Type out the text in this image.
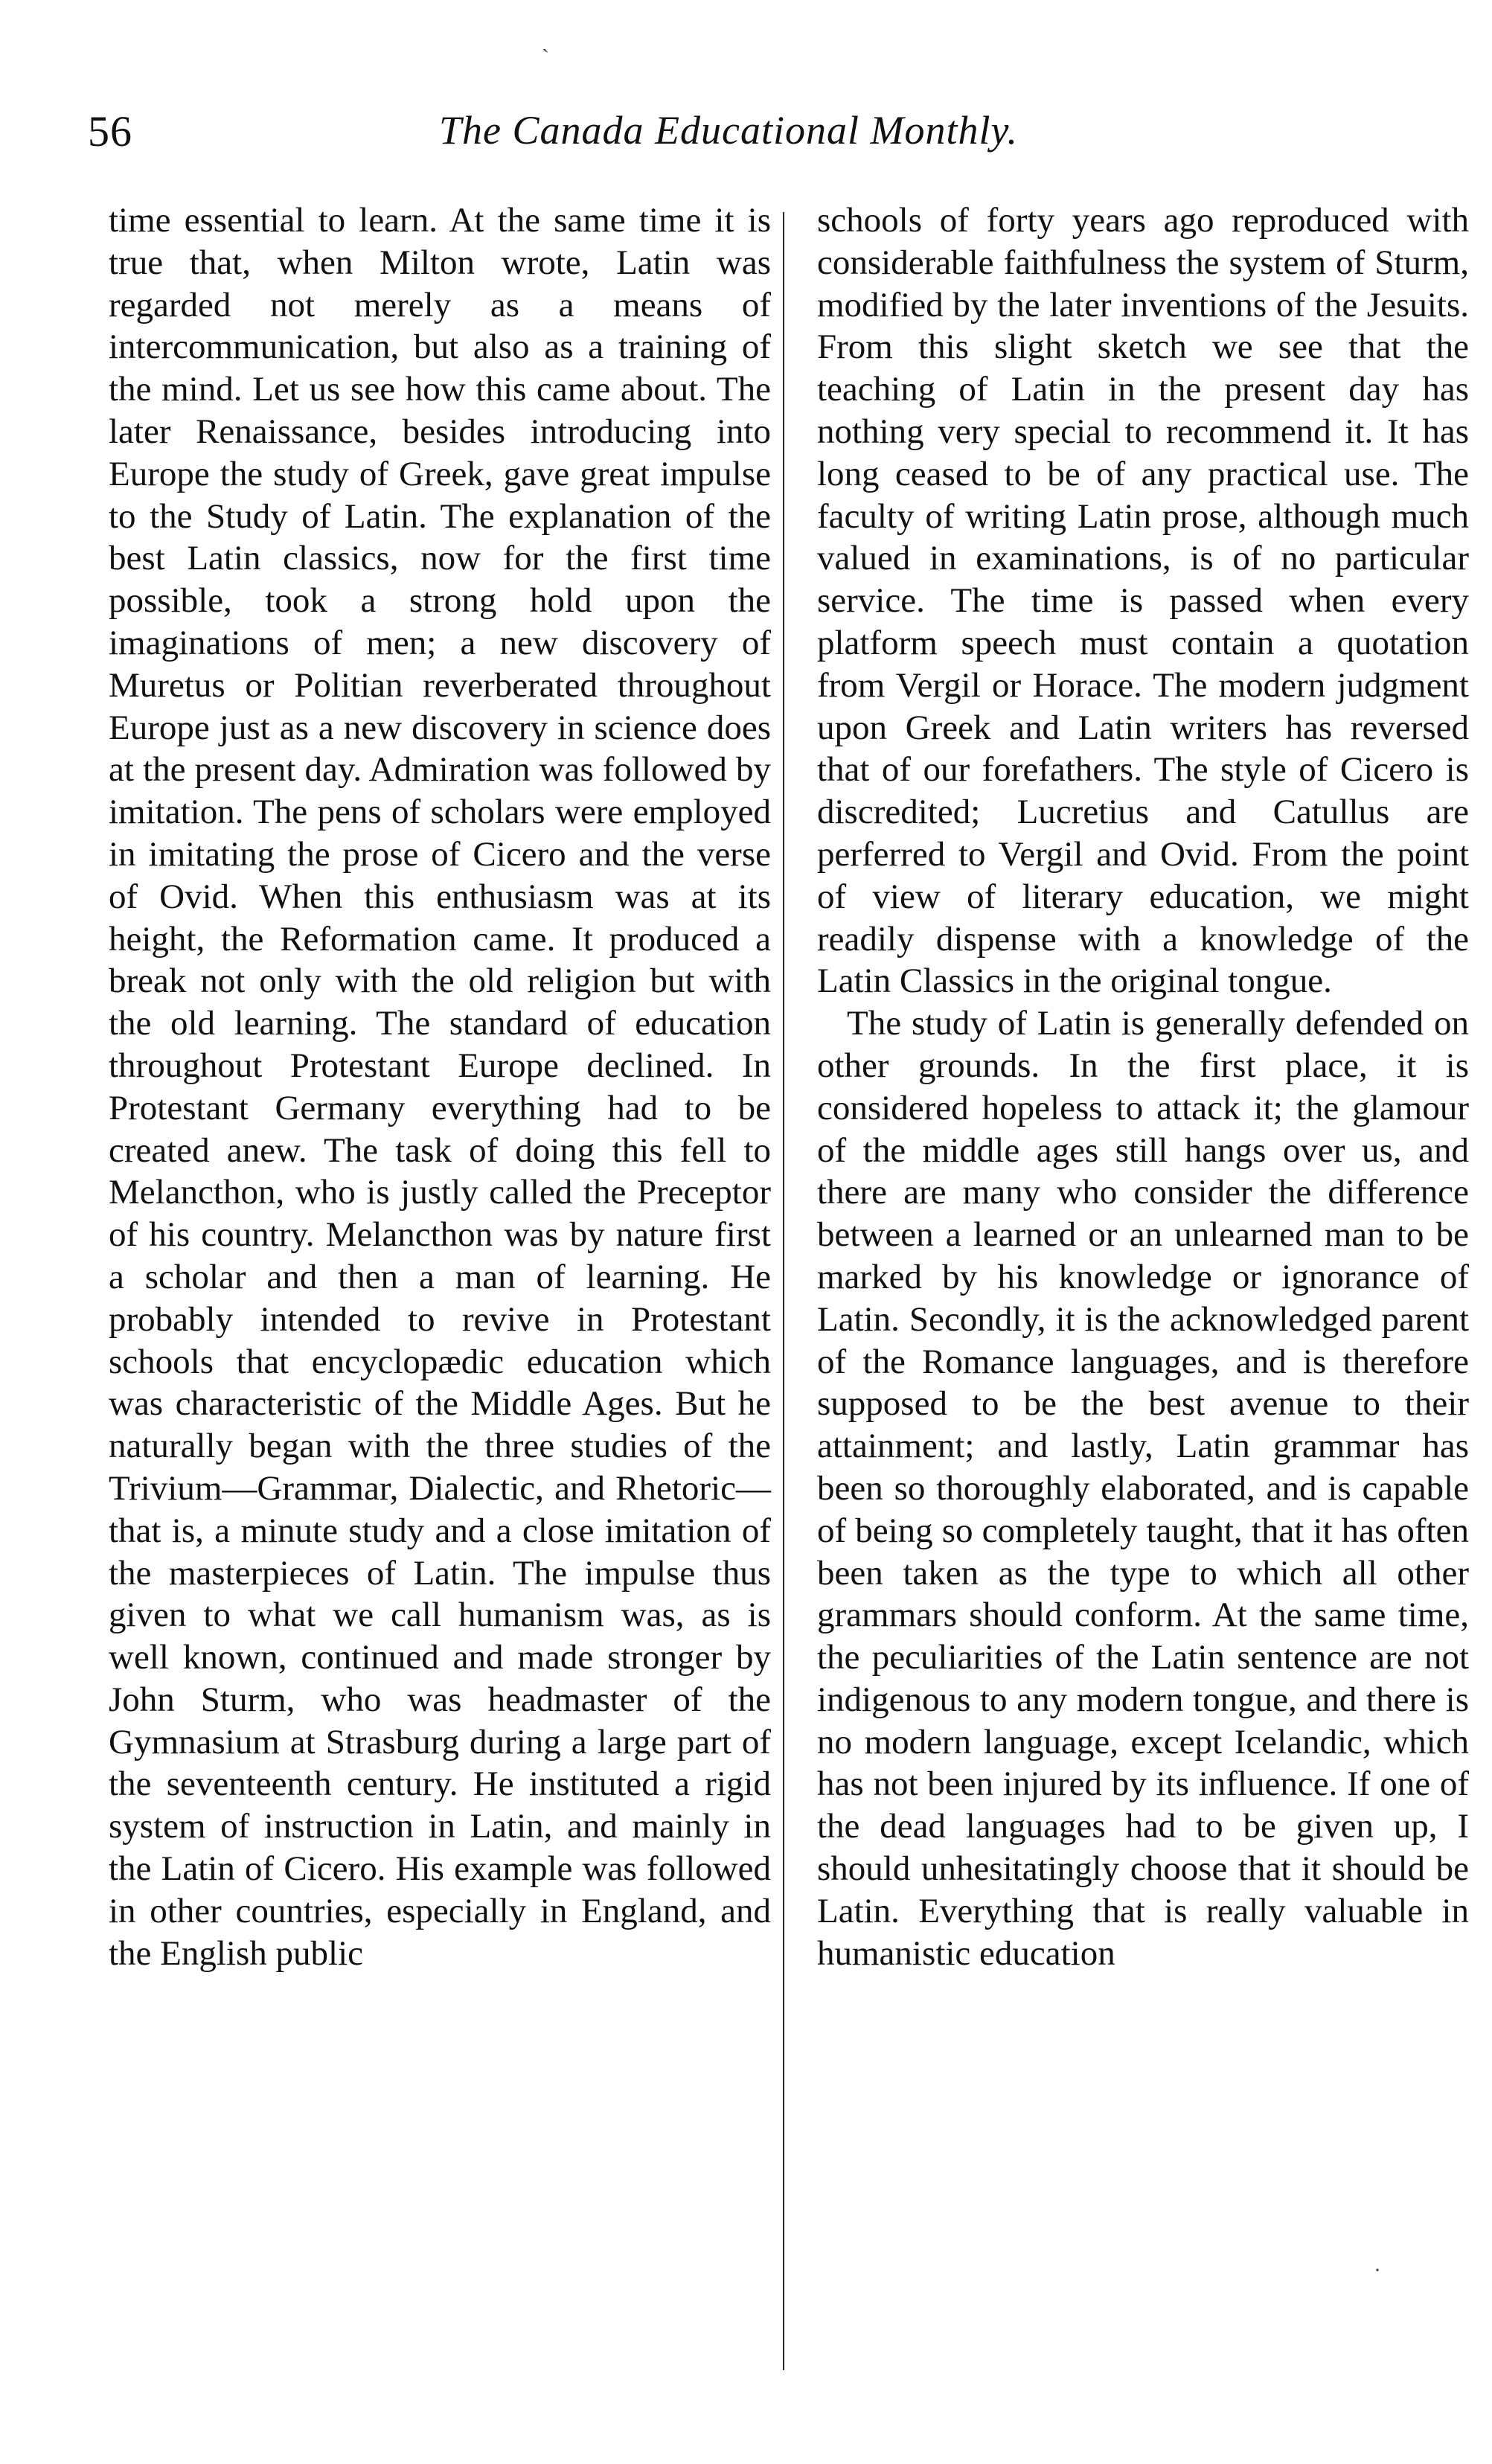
ˎ
56	The Canada Educational Monthly.

time essential to learn. At the same time it is true that, when Milton wrote, Latin was regarded not merely as a means of intercommunication, but also as a training of the mind. Let us see how this came about. The later Renaissance, besides introducing into Europe the study of Greek, gave great impulse to the Study of Latin. The explanation of the best Latin classics, now for the first time possible, took a strong hold upon the imaginations of men; a new discovery of Muretus or Politian reverberated throughout Europe just as a new discovery in science does at the present day. Admiration was followed by imitation. The pens of scholars were employed in imitating the prose of Cicero and the verse of Ovid. When this enthusiasm was at its height, the Reformation came. It produced a break not only with the old religion but with the old learning. The standard of education throughout Protestant Europe declined. In Protestant Germany everything had to be created anew. The task of doing this fell to Melancthon, who is justly called the Preceptor of his country. Melancthon was by nature first a scholar and then a man of learning. He probably intended to revive in Protestant schools that encyclopædic education which was characteristic of the Middle Ages. But he naturally began with the three studies of the Trivium—Grammar, Dialectic, and Rhetoric—that is, a minute study and a close imitation of the masterpieces of Latin. The impulse thus given to what we call humanism was, as is well known, continued and made stronger by John Sturm, who was headmaster of the Gymnasium at Strasburg during a large part of the seventeenth century. He instituted a rigid system of instruction in Latin, and mainly in the Latin of Cicero. His example was followed in other countries, especially in England, and the English public

schools of forty years ago reproduced with considerable faithfulness the system of Sturm, modified by the later inventions of the Jesuits. From this slight sketch we see that the teaching of Latin in the present day has nothing very special to recommend it. It has long ceased to be of any practical use. The faculty of writing Latin prose, although much valued in examinations, is of no particular service. The time is passed when every platform speech must contain a quotation from Vergil or Horace. The modern judgment upon Greek and Latin writers has reversed that of our forefathers. The style of Cicero is discredited; Lucretius and Catullus are perferred to Vergil and Ovid. From the point of view of literary education, we might readily dispense with a knowledge of the Latin Classics in the original tongue.

The study of Latin is generally defended on other grounds. In the first place, it is considered hopeless to attack it; the glamour of the middle ages still hangs over us, and there are many who consider the difference between a learned or an unlearned man to be marked by his knowledge or ignorance of Latin. Secondly, it is the acknowledged parent of the Romance languages, and is therefore supposed to be the best avenue to their attainment; and lastly, Latin grammar has been so thoroughly elaborated, and is capable of being so completely taught, that it has often been taken as the type to which all other grammars should conform. At the same time, the peculiarities of the Latin sentence are not indigenous to any modern tongue, and there is no modern language, except Icelandic, which has not been injured by its influence. If one of the dead languages had to be given up, I should unhesitatingly choose that it should be Latin. Everything that is really valuable in humanistic education

·
